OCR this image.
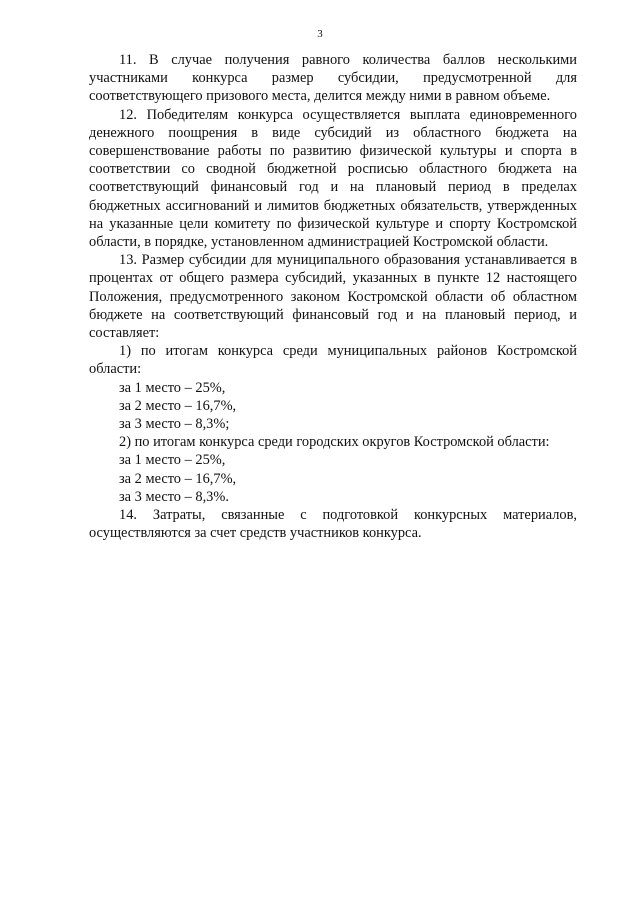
3

11. В случае получения равного количества баллов несколькими участниками конкурса размер субсидии, предусмотренной для соответствующего призового места, делится между ними в равном объеме.

12. Победителям конкурса осуществляется выплата единовременного денежного поощрения в виде субсидий из областного бюджета на совершенствование работы по развитию физической культуры и спорта в соответствии со сводной бюджетной росписью областного бюджета на соответствующий финансовый год и на плановый период в пределах бюджетных ассигнований и лимитов бюджетных обязательств, утвержденных на указанные цели комитету по физической культуре и спорту Костромской области, в порядке, установленном администрацией Костромской области.

13. Размер субсидии для муниципального образования устанавливается в процентах от общего размера субсидий, указанных в пункте 12 настоящего Положения, предусмотренного законом Костромской области об областном бюджете на соответствующий финансовый год и на плановый период, и составляет:

1) по итогам конкурса среди муниципальных районов Костромской области:

за 1 место – 25%,

за 2 место – 16,7%,

за 3 место – 8,3%;

2) по итогам конкурса среди городских округов Костромской области:

за 1 место – 25%,

за 2 место – 16,7%,

за 3 место – 8,3%.

14. Затраты, связанные с подготовкой конкурсных материалов, осуществляются за счет средств участников конкурса.
